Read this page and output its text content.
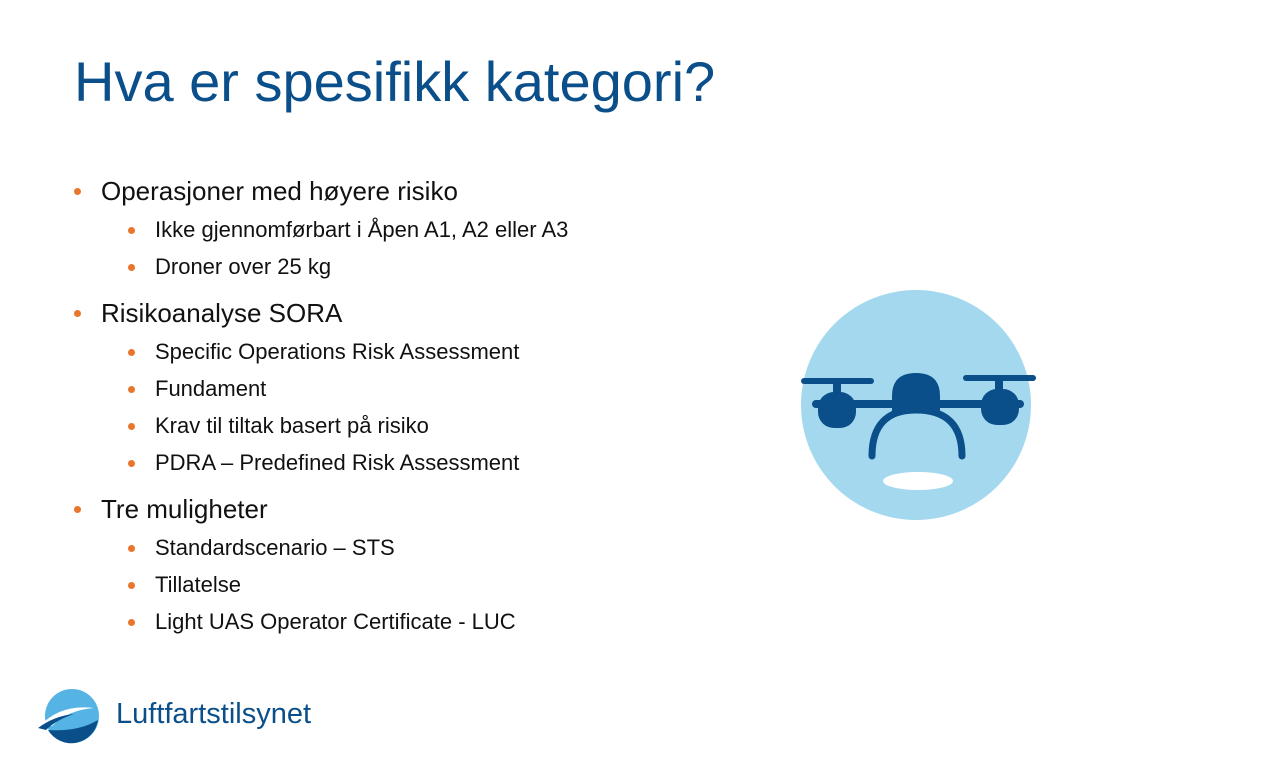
Hva er spesifikk kategori?
Operasjoner med høyere risiko
Ikke gjennomførbart i Åpen A1, A2 eller A3
Droner over 25 kg
Risikoanalyse SORA
Specific Operations Risk Assessment
Fundament
Krav til tiltak basert på risiko
PDRA – Predefined Risk Assessment
Tre muligheter
Standardscenario – STS
Tillatelse
Light UAS Operator Certificate - LUC
Luftfartstilsynet
